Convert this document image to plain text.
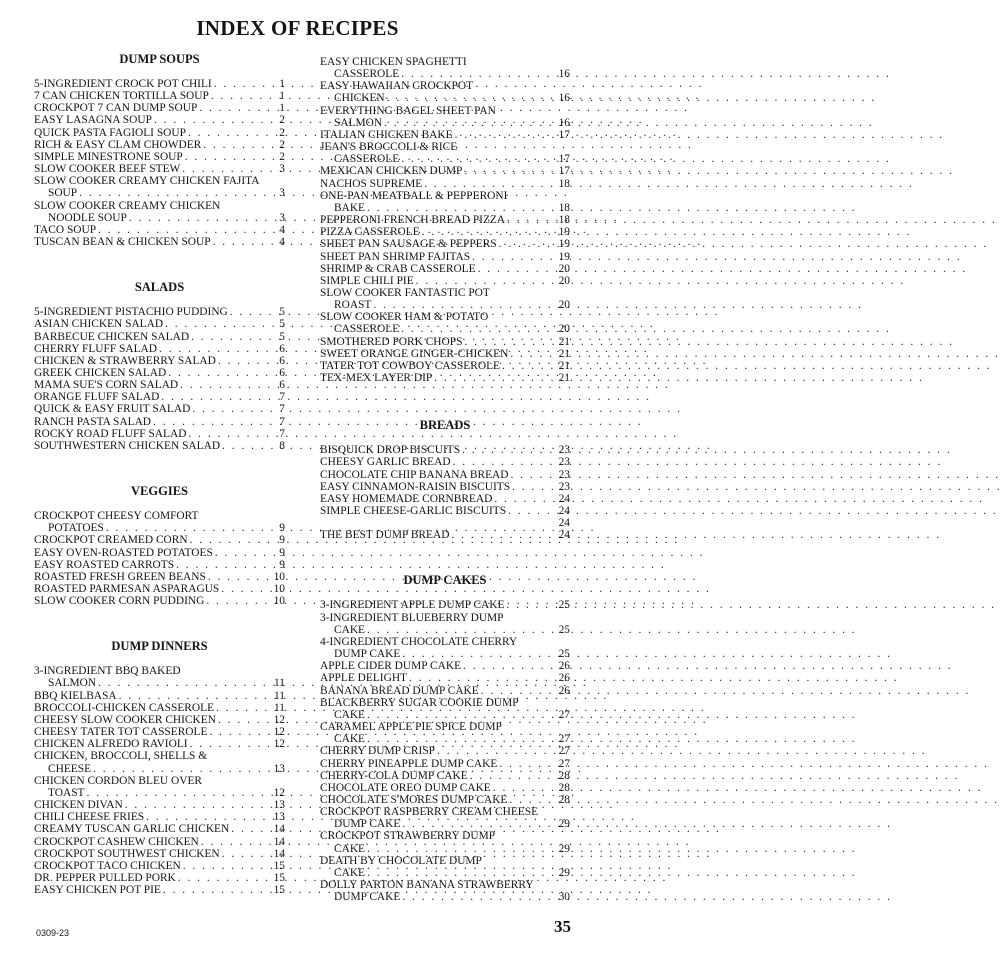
INDEX OF RECIPES
DUMP SOUPS
5-INGREDIENT CROCK POT CHILI . . .	1
7 CAN CHICKEN TORTILLA SOUP . . .	1
CROCKPOT 7 CAN DUMP SOUP . . .	1
EASY LASAGNA SOUP . . .	2
QUICK PASTA FAGIOLI SOUP . . .	2
RICH & EASY CLAM CHOWDER . . .	2
SIMPLE MINESTRONE SOUP . . .	2
SLOW COOKER BEEF STEW . . .	3
SLOW COOKER CREAMY CHICKEN FAJITA
SOUP . . .	3
SLOW COOKER CREAMY CHICKEN
NOODLE SOUP . . .	3
TACO SOUP . . .	4
TUSCAN BEAN & CHICKEN SOUP . . .	4
SALADS
5-INGREDIENT PISTACHIO PUDDING . . .	5
ASIAN CHICKEN SALAD . . .	5
BARBECUE CHICKEN SALAD . . .	5
CHERRY FLUFF SALAD . . .	6
CHICKEN & STRAWBERRY SALAD . . .	6
GREEK CHICKEN SALAD . . .	6
MAMA SUE'S CORN SALAD . . .	6
ORANGE FLUFF SALAD . . .	7
QUICK & EASY FRUIT SALAD . . .	7
RANCH PASTA SALAD . . .	7
ROCKY ROAD FLUFF SALAD . . .	7
SOUTHWESTERN CHICKEN SALAD . . .	8
VEGGIES
CROCKPOT CHEESY COMFORT
POTATOES . . .	9
CROCKPOT CREAMED CORN . . .	9
EASY OVEN-ROASTED POTATOES . . .	9
EASY ROASTED CARROTS . . .	9
ROASTED FRESH GREEN BEANS . . .	10
ROASTED PARMESAN ASPARAGUS . . .	10
SLOW COOKER CORN PUDDING . . .	10
DUMP DINNERS
3-INGREDIENT BBQ BAKED
SALMON . . .	11
BBQ KIELBASA . . .	11
BROCCOLI-CHICKEN CASSEROLE . . .	11
CHEESY SLOW COOKER CHICKEN . . .	12
CHEESY TATER TOT CASSEROLE . . .	12
CHICKEN ALFREDO RAVIOLI . . .	12
CHICKEN, BROCCOLI, SHELLS &
CHEESE . . .	13
CHICKEN CORDON BLEU OVER
TOAST . . .	12
CHICKEN DIVAN . . .	13
CHILI CHEESE FRIES . . .	13
CREAMY TUSCAN GARLIC CHICKEN . . .	14
CROCKPOT CASHEW CHICKEN . . .	14
CROCKPOT SOUTHWEST CHICKEN . . .	14
CROCKPOT TACO CHICKEN . . .	15
DR. PEPPER PULLED PORK . . .	15
EASY CHICKEN POT PIE . . .	15
EASY CHICKEN SPAGHETTI
CASSEROLE . . .	16
EASY HAWAIIAN CROCKPOT
CHICKEN . . .	16
EVERYTHING BAGEL SHEET PAN
SALMON . . .	16
ITALIAN CHICKEN BAKE . . .	17
JEAN'S BROCCOLI & RICE
CASSEROLE . . .	17
MEXICAN CHICKEN DUMP . . .	17
NACHOS SUPREME . . .	18
ONE-PAN MEATBALL & PEPPERONI
BAKE . . .	18
PEPPERONI FRENCH BREAD PIZZA . . .	18
PIZZA CASSEROLE . . .	19
SHEET PAN SAUSAGE & PEPPERS . . .	19
SHEET PAN SHRIMP FAJITAS . . .	19
SHRIMP & CRAB CASSEROLE . . .	20
SIMPLE CHILI PIE . . .	20
SLOW COOKER FANTASTIC POT
ROAST . . .	20
SLOW COOKER HAM & POTATO
CASSEROLE . . .	20
SMOTHERED PORK CHOPS . . .	21
SWEET ORANGE GINGER-CHICKEN . . .	21
TATER TOT COWBOY CASSEROLE . . .	21
TEX-MEX LAYER DIP . . .	21
BREADS
BISQUICK DROP BISCUITS . . .	23
CHEESY GARLIC BREAD . . .	23
CHOCOLATE CHIP BANANA BREAD . . .	23
EASY CINNAMON-RAISIN BISCUITS . . .	23
EASY HOMEMADE CORNBREAD . . .	24
SIMPLE CHEESE-GARLIC BISCUITS . . .	24
24
THE BEST DUMP BREAD . . .	24
DUMP CAKES
3-INGREDIENT APPLE DUMP CAKE . . .	25
3-INGREDIENT BLUEBERRY DUMP
CAKE . . .	25
4-INGREDIENT CHOCOLATE CHERRY
DUMP CAKE . . .	25
APPLE CIDER DUMP CAKE . . .	26
APPLE DELIGHT . . .	26
BANANA BREAD DUMP CAKE . . .	26
BLACKBERRY SUGAR COOKIE DUMP
CAKE . . .	27
CARAMEL APPLE PIE SPICE DUMP
CAKE . . .	27
CHERRY DUMP CRISP . . .	27
CHERRY PINEAPPLE DUMP CAKE . . .	27
CHERRY-COLA DUMP CAKE . . .	28
CHOCOLATE OREO DUMP CAKE . . .	28
CHOCOLATE S'MORES DUMP CAKE . . .	28
CROCKPOT RASPBERRY CREAM CHEESE
DUMP CAKE . . .	29
CROCKPOT STRAWBERRY DUMP
CAKE . . .	29
DEATH BY CHOCOLATE DUMP
CAKE . . .	29
DOLLY PARTON BANANA STRAWBERRY
DUMP CAKE . . .	30
0309-23	35
